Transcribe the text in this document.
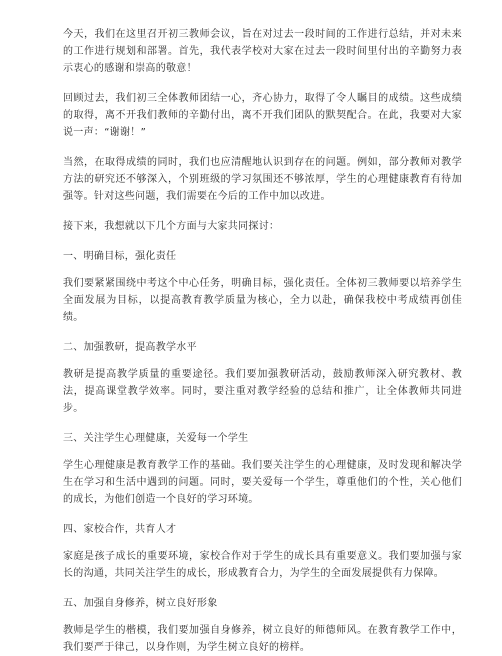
今天，我们在这里召开初三教师会议，旨在对过去一段时间的工作进行总结，并对未来的工作进行规划和部署。首先，我代表学校对大家在过去一段时间里付出的辛勤努力表示衷心的感谢和崇高的敬意！

回顾过去，我们初三全体教师团结一心，齐心协力，取得了令人瞩目的成绩。这些成绩的取得，离不开我们教师的辛勤付出，离不开我们团队的默契配合。在此，我要对大家说一声：“谢谢！”

当然，在取得成绩的同时，我们也应清醒地认识到存在的问题。例如，部分教师对教学方法的研究还不够深入，个别班级的学习氛围还不够浓厚，学生的心理健康教育有待加强等。针对这些问题，我们需要在今后的工作中加以改进。

接下来，我想就以下几个方面与大家共同探讨：

一、明确目标，强化责任

我们要紧紧围绕中考这个中心任务，明确目标，强化责任。全体初三教师要以培养学生全面发展为目标，以提高教育教学质量为核心，全力以赴，确保我校中考成绩再创佳绩。

二、加强教研，提高教学水平

教研是提高教学质量的重要途径。我们要加强教研活动，鼓励教师深入研究教材、教法，提高课堂教学效率。同时，要注重对教学经验的总结和推广，让全体教师共同进步。

三、关注学生心理健康，关爱每一个学生

学生心理健康是教育教学工作的基础。我们要关注学生的心理健康，及时发现和解决学生在学习和生活中遇到的问题。同时，要关爱每一个学生，尊重他们的个性，关心他们的成长，为他们创造一个良好的学习环境。

四、家校合作，共育人才

家庭是孩子成长的重要环境，家校合作对于学生的成长具有重要意义。我们要加强与家长的沟通，共同关注学生的成长，形成教育合力，为学生的全面发展提供有力保障。

五、加强自身修养，树立良好形象

教师是学生的楷模，我们要加强自身修养，树立良好的师德师风。在教育教学工作中，我们要严于律己，以身作则，为学生树立良好的榜样。
